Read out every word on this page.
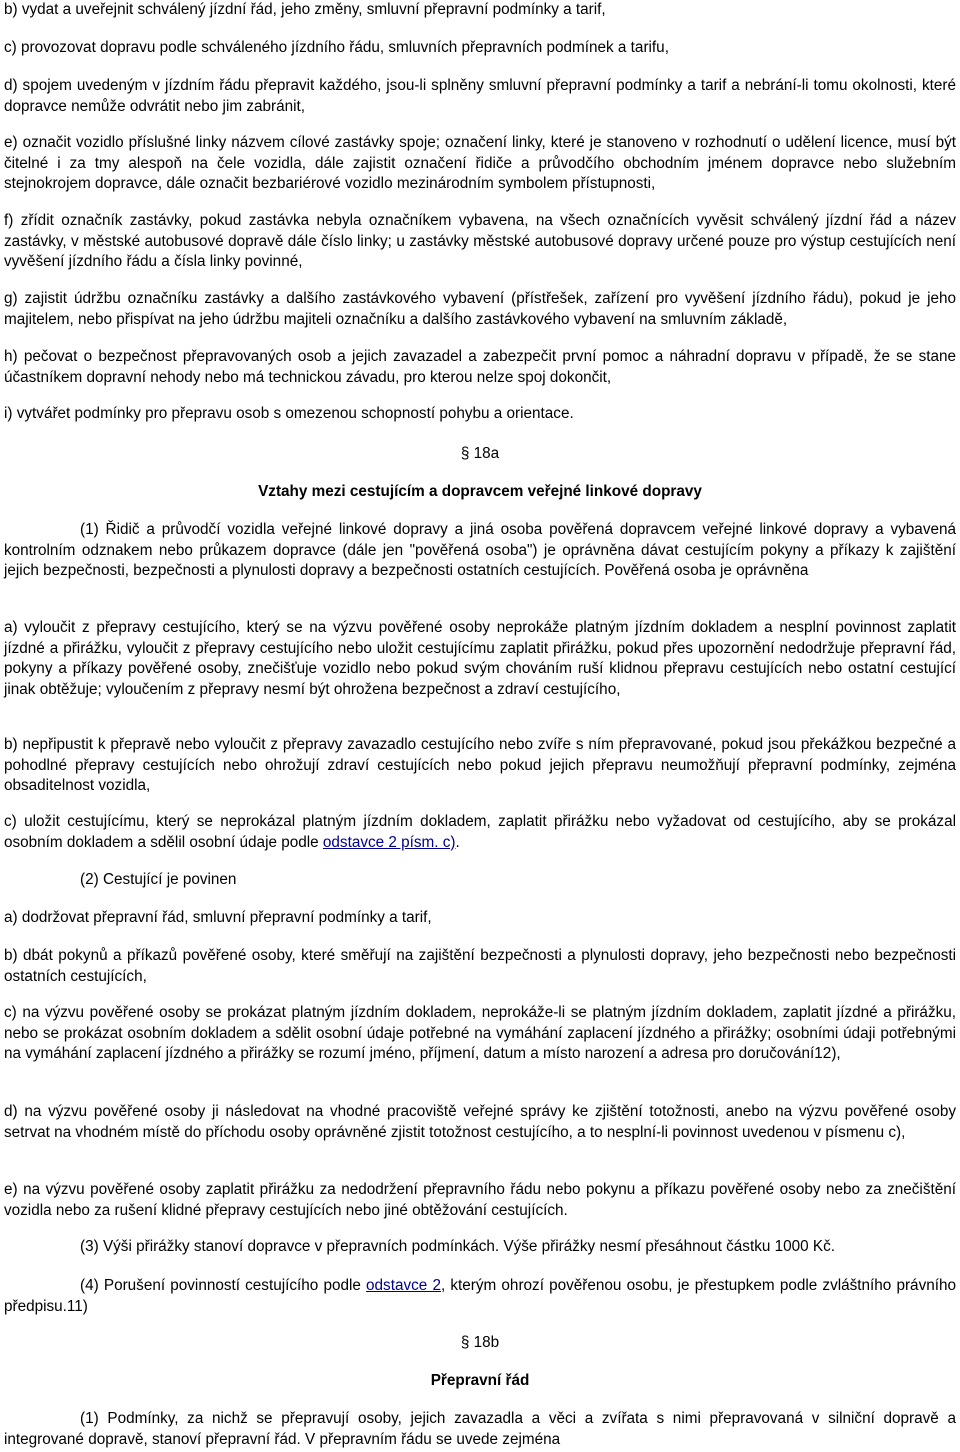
b) vydat a uveřejnit schválený jízdní řád, jeho změny, smluvní přepravní podmínky a tarif,

c) provozovat dopravu podle schváleného jízdního řádu, smluvních přepravních podmínek a tarifu,

d) spojem uvedeným v jízdním řádu přepravit každého, jsou-li splněny smluvní přepravní podmínky a tarif a nebrání-li tomu okolnosti, které dopravce nemůže odvrátit nebo jim zabránit,

e) označit vozidlo příslušné linky názvem cílové zastávky spoje; označení linky, které je stanoveno v rozhodnutí o udělení licence, musí být čitelné i za tmy alespoň na čele vozidla, dále zajistit označení řidiče a průvodčího obchodním jménem dopravce nebo služebním stejnokrojem dopravce, dále označit bezbariérové vozidlo mezinárodním symbolem přístupnosti,

f) zřídit označník zastávky, pokud zastávka nebyla označníkem vybavena, na všech označnících vyvěsit schválený jízdní řád a název zastávky, v městské autobusové dopravě dále číslo linky; u zastávky městské autobusové dopravy určené pouze pro výstup cestujících není vyvěšení jízdního řádu a čísla linky povinné,

g) zajistit údržbu označníku zastávky a dalšího zastávkového vybavení (přístřešek, zařízení pro vyvěšení jízdního řádu), pokud je jeho majitelem, nebo přispívat na jeho údržbu majiteli označníku a dalšího zastávkového vybavení na smluvním základě,

h) pečovat o bezpečnost přepravovaných osob a jejich zavazadel a zabezpečit první pomoc a náhradní dopravu v případě, že se stane účastníkem dopravní nehody nebo má technickou závadu, pro kterou nelze spoj dokončit,

i) vytvářet podmínky pro přepravu osob s omezenou schopností pohybu a orientace.

§ 18a

Vztahy mezi cestujícím a dopravcem veřejné linkové dopravy

(1) Řidič a průvodčí vozidla veřejné linkové dopravy a jiná osoba pověřená dopravcem veřejné linkové dopravy a vybavená kontrolním odznakem nebo průkazem dopravce (dále jen "pověřená osoba") je oprávněna dávat cestujícím pokyny a příkazy k zajištění jejich bezpečnosti, bezpečnosti a plynulosti dopravy a bezpečnosti ostatních cestujících. Pověřená osoba je oprávněna

a) vyloučit z přepravy cestujícího, který se na výzvu pověřené osoby neprokáže platným jízdním dokladem a nesplní povinnost zaplatit jízdné a přirážku, vyloučit z přepravy cestujícího nebo uložit cestujícímu zaplatit přirážku, pokud přes upozornění nedodržuje přepravní řád, pokyny a příkazy pověřené osoby, znečišťuje vozidlo nebo pokud svým chováním ruší klidnou přepravu cestujících nebo ostatní cestující jinak obtěžuje; vyloučením z přepravy nesmí být ohrožena bezpečnost a zdraví cestujícího,

b) nepřipustit k přepravě nebo vyloučit z přepravy zavazadlo cestujícího nebo zvíře s ním přepravované, pokud jsou překážkou bezpečné a pohodlné přepravy cestujících nebo ohrožují zdraví cestujících nebo pokud jejich přepravu neumožňují přepravní podmínky, zejména obsaditelnost vozidla,

c) uložit cestujícímu, který se neprokázal platným jízdním dokladem, zaplatit přirážku nebo vyžadovat od cestujícího, aby se prokázal osobním dokladem a sdělil osobní údaje podle odstavce 2 písm. c).

(2) Cestující je povinen

a) dodržovat přepravní řád, smluvní přepravní podmínky a tarif,

b) dbát pokynů a příkazů pověřené osoby, které směřují na zajištění bezpečnosti a plynulosti dopravy, jeho bezpečnosti nebo bezpečnosti ostatních cestujících,

c) na výzvu pověřené osoby se prokázat platným jízdním dokladem, neprokáže-li se platným jízdním dokladem, zaplatit jízdné a přirážku, nebo se prokázat osobním dokladem a sdělit osobní údaje potřebné na vymáhání zaplacení jízdného a přirážky; osobními údaji potřebnými na vymáhání zaplacení jízdného a přirážky se rozumí jméno, příjmení, datum a místo narození a adresa pro doručování12),

d) na výzvu pověřené osoby ji následovat na vhodné pracoviště veřejné správy ke zjištění totožnosti, anebo na výzvu pověřené osoby setrvat na vhodném místě do příchodu osoby oprávněné zjistit totožnost cestujícího, a to nesplní-li povinnost uvedenou v písmenu c),

e) na výzvu pověřené osoby zaplatit přirážku za nedodržení přepravního řádu nebo pokynu a příkazu pověřené osoby nebo za znečištění vozidla nebo za rušení klidné přepravy cestujících nebo jiné obtěžování cestujících.

(3) Výši přirážky stanoví dopravce v přepravních podmínkách. Výše přirážky nesmí přesáhnout částku 1000 Kč.

(4) Porušení povinností cestujícího podle odstavce 2, kterým ohrozí pověřenou osobu, je přestupkem podle zvláštního právního předpisu.11)

§ 18b

Přepravní řád

(1) Podmínky, za nichž se přepravují osoby, jejich zavazadla a věci a zvířata s nimi přepravovaná v silniční dopravě a integrované dopravě, stanoví přepravní řád. V přepravním řádu se uvede zejména
